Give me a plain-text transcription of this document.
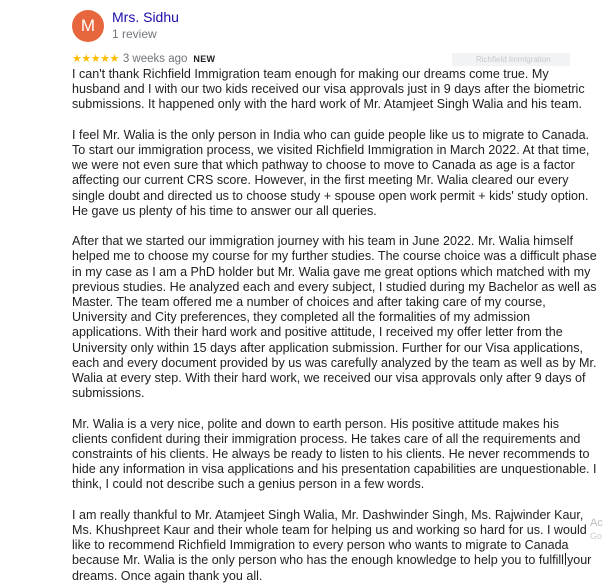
M Mrs. Sidhu
1 review
★★★★★ 3 weeks ago NEW	Richfield Immigration

I can't thank Richfield Immigration team enough for making our dreams come true. My husband and I with our two kids received our visa approvals just in 9 days after the biometric submissions. It happened only with the hard work of Mr. Atamjeet Singh Walia and his team.

I feel Mr. Walia is the only person in India who can guide people like us to migrate to Canada. To start our immigration process, we visited Richfield Immigration in March 2022. At that time, we were not even sure that which pathway to choose to move to Canada as age is a factor affecting our current CRS score. However, in the first meeting Mr. Walia cleared our every single doubt and directed us to choose study + spouse open work permit + kids' study option. He gave us plenty of his time to answer our all queries.

After that we started our immigration journey with his team in June 2022. Mr. Walia himself helped me to choose my course for my further studies. The course choice was a difficult phase in my case as I am a PhD holder but Mr. Walia gave me great options which matched with my previous studies. He analyzed each and every subject, I studied during my Bachelor as well as Master. The team offered me a number of choices and after taking care of my course, University and City preferences, they completed all the formalities of my admission applications. With their hard work and positive attitude, I received my offer letter from the University only within 15 days after application submission. Further for our Visa applications, each and every document provided by us was carefully analyzed by the team as well as by Mr. Walia at every step. With their hard work, we received our visa approvals only after 9 days of submissions.

Mr. Walia is a very nice, polite and down to earth person. His positive attitude makes his clients confident during their immigration process. He takes care of all the requirements and constraints of his clients. He always be ready to listen to his clients. He never recommends to hide any information in visa applications and his presentation capabilities are unquestionable. I think, I could not describe such a genius person in a few words.

I am really thankful to Mr. Atamjeet Singh Walia, Mr. Dashwinder Singh, Ms. Rajwinder Kaur, Ms. Khushpreet Kaur and their whole team for helping us and working so hard for us. I would like to recommend Richfield Immigration to every person who wants to migrate to Canada because Mr. Walia is the only person who has the enough knowledge to help you to fulfill your dreams. Once again thank you all.

Ac
Go
